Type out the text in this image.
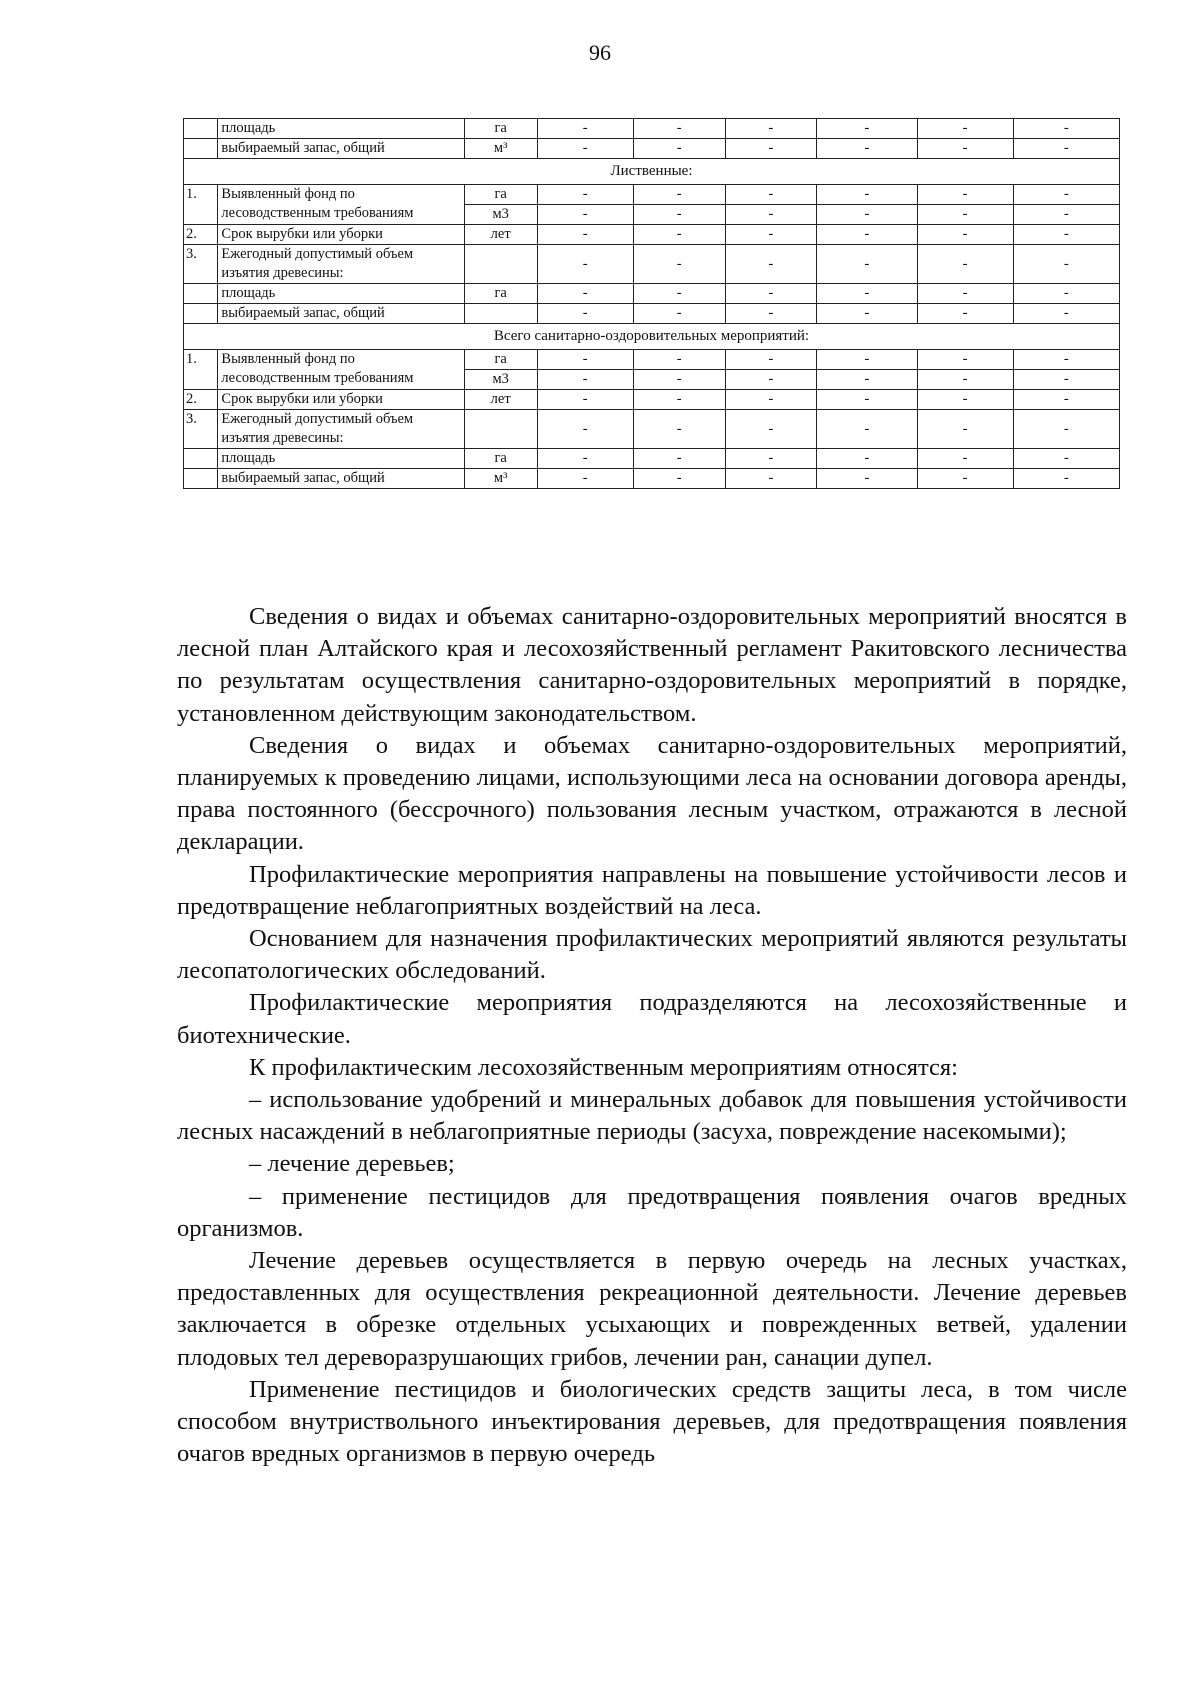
96
	площадь	га	-	-	-	-	-	-
	выбираемый запас, общий	м³	-	-	-	-	-	-
Лиственные:								
1.	Выявленный фонд по лесоводственным требованиям	га	-	-	-	-	-	-
		м3	-	-	-	-	-	-
2.	Срок вырубки или уборки	лет	-	-	-	-	-	-
3.	Ежегодный допустимый объем изъятия древесины:		-	-	-	-	-	-
	площадь	га	-	-	-	-	-	-
	выбираемый запас, общий		-	-	-	-	-	-
Всего санитарно-оздоровительных мероприятий:								
1.	Выявленный фонд по лесоводственным требованиям	га	-	-	-	-	-	-
		м3	-	-	-	-	-	-
2.	Срок вырубки или уборки	лет	-	-	-	-	-	-
3.	Ежегодный допустимый объем изъятия древесины:		-	-	-	-	-	-
	площадь	га	-	-	-	-	-	-
	выбираемый запас, общий	м³	-	-	-	-	-	-

Сведения о видах и объемах санитарно-оздоровительных мероприятий вносятся в лесной план Алтайского края и лесохозяйственный регламент Ракитовского лесничества по результатам осуществления санитарно-оздоровительных мероприятий в порядке, установленном действующим законодательством.

Сведения о видах и объемах санитарно-оздоровительных мероприятий, планируемых к проведению лицами, использующими леса на основании договора аренды, права постоянного (бессрочного) пользования лесным участком, отражаются в лесной декларации.

Профилактические мероприятия направлены на повышение устойчивости лесов и предотвращение неблагоприятных воздействий на леса.

Основанием для назначения профилактических мероприятий являются результаты лесопатологических обследований.

Профилактические мероприятия подразделяются на лесохозяйственные и биотехнические.

К профилактическим лесохозяйственным мероприятиям относятся:

– использование удобрений и минеральных добавок для повышения устойчивости лесных насаждений в неблагоприятные периоды (засуха, повреждение насекомыми);

– лечение деревьев;

– применение пестицидов для предотвращения появления очагов вредных организмов.

Лечение деревьев осуществляется в первую очередь на лесных участках, предоставленных для осуществления рекреационной деятельности. Лечение деревьев заключается в обрезке отдельных усыхающих и поврежденных ветвей, удалении плодовых тел дереворазрушающих грибов, лечении ран, санации дупел.

Применение пестицидов и биологических средств защиты леса, в том числе способом внутриствольного инъектирования деревьев, для предотвращения появления очагов вредных организмов в первую очередь
